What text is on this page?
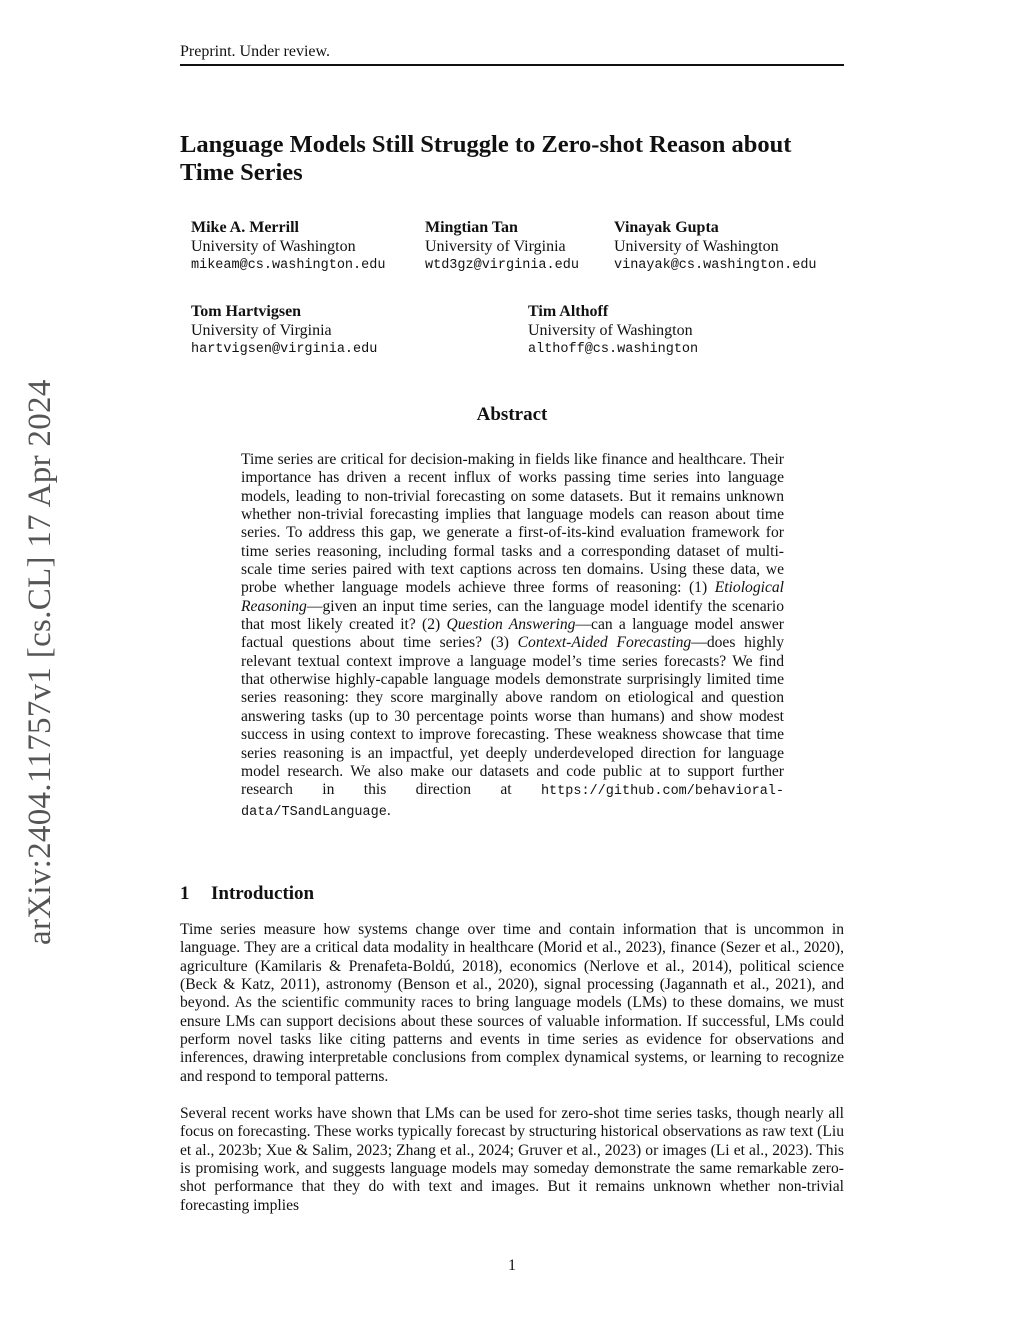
Preprint. Under review.
arXiv:2404.11757v1 [cs.CL] 17 Apr 2024
Language Models Still Struggle to Zero-shot Reason about Time Series
Mike A. Merrill
University of Washington
mikeam@cs.washington.edu
Mingtian Tan
University of Virginia
wtd3gz@virginia.edu
Vinayak Gupta
University of Washington
vinayak@cs.washington.edu
Tom Hartvigsen
University of Virginia
hartvigsen@virginia.edu
Tim Althoff
University of Washington
althoff@cs.washington
Abstract

Time series are critical for decision-making in fields like finance and healthcare. Their importance has driven a recent influx of works passing time series into language models, leading to non-trivial forecasting on some datasets. But it remains unknown whether non-trivial forecasting implies that language models can reason about time series. To address this gap, we generate a first-of-its-kind evaluation framework for time series reasoning, including formal tasks and a corresponding dataset of multi-scale time series paired with text captions across ten domains. Using these data, we probe whether language models achieve three forms of reasoning: (1) Etiological Reasoning—given an input time series, can the language model identify the scenario that most likely created it? (2) Question Answering—can a language model answer factual questions about time series? (3) Context-Aided Forecasting—does highly relevant textual context improve a language model’s time series forecasts? We find that otherwise highly-capable language models demonstrate surprisingly limited time series reasoning: they score marginally above random on etiological and question answering tasks (up to 30 percentage points worse than humans) and show modest success in using context to improve forecasting. These weakness showcase that time series reasoning is an impactful, yet deeply underdeveloped direction for language model research. We also make our datasets and code public at to support further research in this direction at https://github.com/behavioral-data/TSandLanguage.

1 Introduction

Time series measure how systems change over time and contain information that is uncommon in language. They are a critical data modality in healthcare (Morid et al., 2023), finance (Sezer et al., 2020), agriculture (Kamilaris & Prenafeta-Boldú, 2018), economics (Nerlove et al., 2014), political science (Beck & Katz, 2011), astronomy (Benson et al., 2020), signal processing (Jagannath et al., 2021), and beyond. As the scientific community races to bring language models (LMs) to these domains, we must ensure LMs can support decisions about these sources of valuable information. If successful, LMs could perform novel tasks like citing patterns and events in time series as evidence for observations and inferences, drawing interpretable conclusions from complex dynamical systems, or learning to recognize and respond to temporal patterns.

Several recent works have shown that LMs can be used for zero-shot time series tasks, though nearly all focus on forecasting. These works typically forecast by structuring historical observations as raw text (Liu et al., 2023b; Xue & Salim, 2023; Zhang et al., 2024; Gruver et al., 2023) or images (Li et al., 2023). This is promising work, and suggests language models may someday demonstrate the same remarkable zero-shot performance that they do with text and images. But it remains unknown whether non-trivial forecasting implies

1
